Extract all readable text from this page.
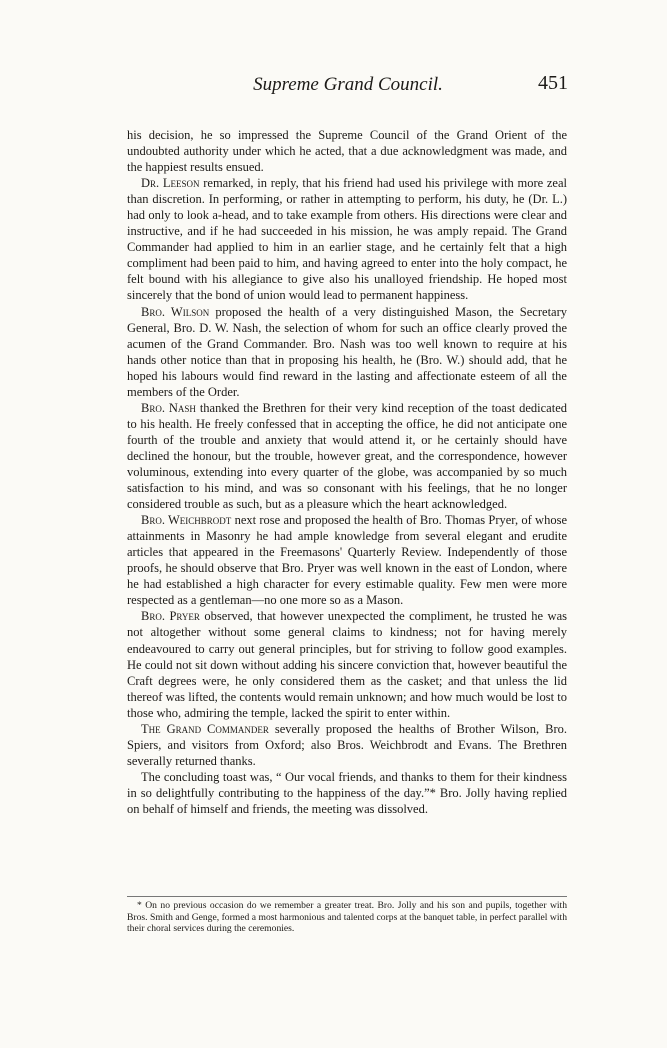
Supreme Grand Council.	451

his decision, he so impressed the Supreme Council of the Grand Orient of the undoubted authority under which he acted, that a due acknowledgment was made, and the happiest results ensued.

Dr. Leeson remarked, in reply, that his friend had used his privilege with more zeal than discretion. In performing, or rather in attempting to perform, his duty, he (Dr. L.) had only to look a-head, and to take example from others. His directions were clear and instructive, and if he had succeeded in his mission, he was amply repaid. The Grand Commander had applied to him in an earlier stage, and he certainly felt that a high compliment had been paid to him, and having agreed to enter into the holy compact, he felt bound with his allegiance to give also his unalloyed friendship. He hoped most sincerely that the bond of union would lead to permanent happiness.

Bro. Wilson proposed the health of a very distinguished Mason, the Secretary General, Bro. D. W. Nash, the selection of whom for such an office clearly proved the acumen of the Grand Commander. Bro. Nash was too well known to require at his hands other notice than that in proposing his health, he (Bro. W.) should add, that he hoped his labours would find reward in the lasting and affectionate esteem of all the members of the Order.

Bro. Nash thanked the Brethren for their very kind reception of the toast dedicated to his health. He freely confessed that in accepting the office, he did not anticipate one fourth of the trouble and anxiety that would attend it, or he certainly should have declined the honour, but the trouble, however great, and the correspondence, however voluminous, extending into every quarter of the globe, was accompanied by so much satisfaction to his mind, and was so consonant with his feelings, that he no longer considered trouble as such, but as a pleasure which the heart acknowledged.

Bro. Weichbrodt next rose and proposed the health of Bro. Thomas Pryer, of whose attainments in Masonry he had ample knowledge from several elegant and erudite articles that appeared in the Freemasons' Quarterly Review. Independently of those proofs, he should observe that Bro. Pryer was well known in the east of London, where he had established a high character for every estimable quality. Few men were more respected as a gentleman—no one more so as a Mason.

Bro. Pryer observed, that however unexpected the compliment, he trusted he was not altogether without some general claims to kindness; not for having merely endeavoured to carry out general principles, but for striving to follow good examples. He could not sit down without adding his sincere conviction that, however beautiful the Craft degrees were, he only considered them as the casket; and that unless the lid thereof was lifted, the contents would remain unknown; and how much would be lost to those who, admiring the temple, lacked the spirit to enter within.

The Grand Commander severally proposed the healths of Brother Wilson, Bro. Spiers, and visitors from Oxford; also Bros. Weichbrodt and Evans. The Brethren severally returned thanks.

The concluding toast was, “ Our vocal friends, and thanks to them for their kindness in so delightfully contributing to the happiness of the day.”* Bro. Jolly having replied on behalf of himself and friends, the meeting was dissolved.

* On no previous occasion do we remember a greater treat. Bro. Jolly and his son and pupils, together with Bros. Smith and Genge, formed a most harmonious and talented corps at the banquet table, in perfect parallel with their choral services during the ceremonies.
